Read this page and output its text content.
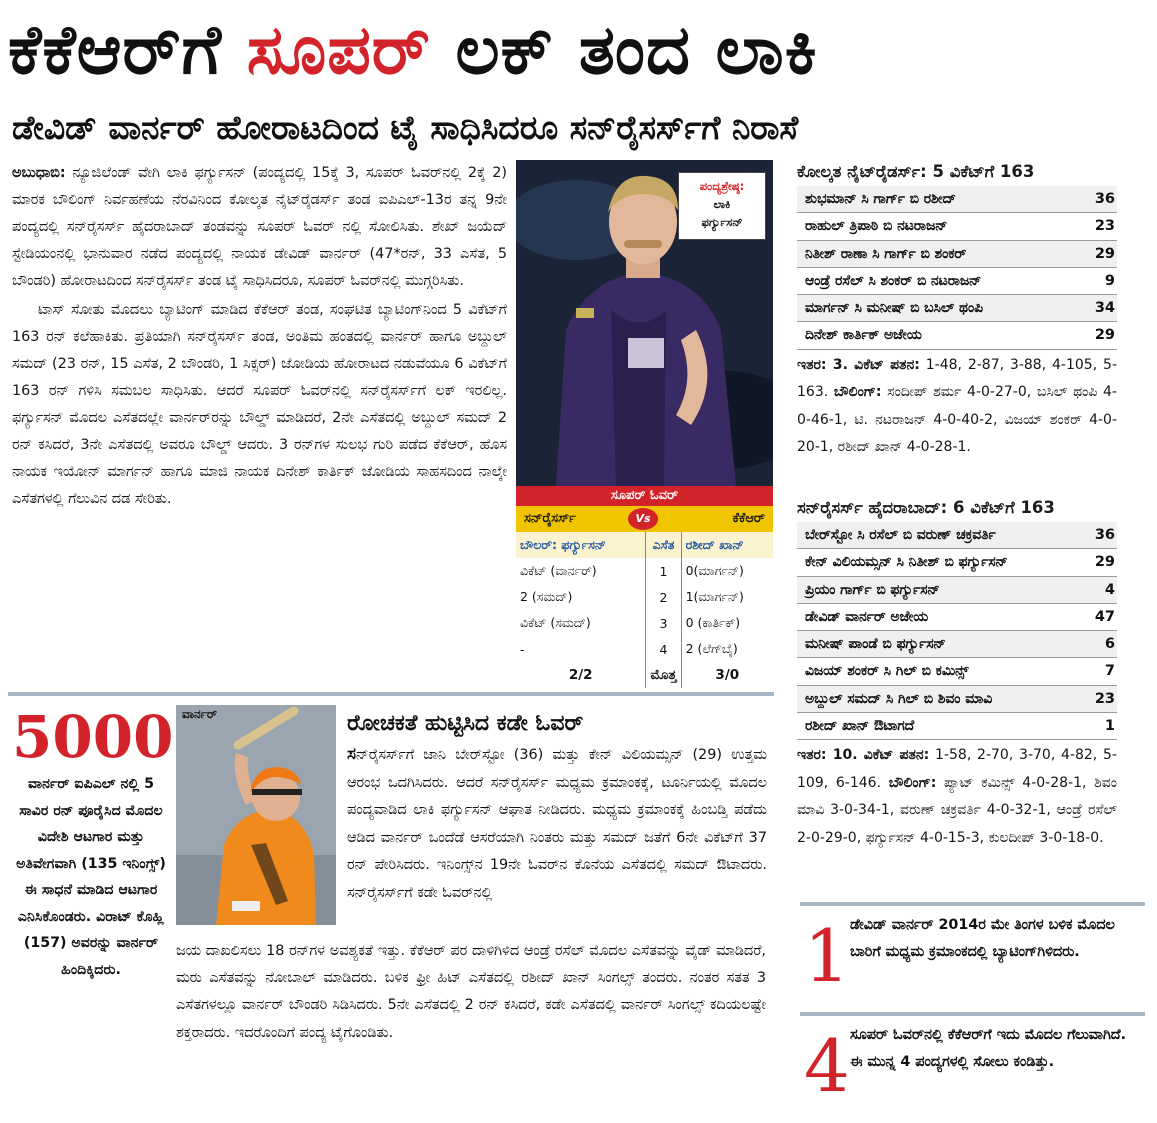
ಕೆಕೆಆರ್‌ಗೆ ಸೂಪರ್ ಲಕ್ ತಂದ ಲಾಕಿ
ಡೇವಿಡ್ ವಾರ್ನರ್ ಹೋರಾಟದಿಂದ ಟೈ ಸಾಧಿಸಿದರೂ ಸನ್‌ರೈಸರ್ಸ್‌ಗೆ ನಿರಾಸೆ

ಅಬುಧಾಬಿ: ನ್ಯೂಜಿಲೆಂಡ್ ವೇಗಿ ಲಾಕಿ ಫರ್ಗ್ಯುಸನ್ (ಪಂದ್ಯದಲ್ಲಿ 15ಕ್ಕೆ 3, ಸೂಪರ್ ಓವರ್‌ನಲ್ಲಿ 2ಕ್ಕೆ 2) ಮಾರಕ ಬೌಲಿಂಗ್ ನಿರ್ವಹಣೆಯ ನೆರವಿನಿಂದ ಕೋಲ್ಕತ ನೈಟ್‌ರೈಡರ್ಸ್ ತಂಡ ಐಪಿಎಲ್-13ರ ತನ್ನ 9ನೇ ಪಂದ್ಯದಲ್ಲಿ ಸನ್‌ರೈಸರ್ಸ್ ಹೈದರಾಬಾದ್ ತಂಡವನ್ನು ಸೂಪರ್ ಓವರ್ ನಲ್ಲಿ ಸೋಲಿಸಿತು. ಶೇಖ್ ಜಯೆದ್ ಸ್ಟೇಡಿಯಂನಲ್ಲಿ ಭಾನುವಾರ ನಡೆದ ಪಂದ್ಯದಲ್ಲಿ ನಾಯಕ ಡೇವಿಡ್ ವಾರ್ನರ್ (47*ರನ್, 33 ಎಸೆತ, 5 ಬೌಂಡರಿ) ಹೋರಾಟದಿಂದ ಸನ್‌ರೈಸರ್ಸ್ ತಂಡ ಟೈ ಸಾಧಿಸಿದರೂ, ಸೂಪರ್ ಓವರ್‌ನಲ್ಲಿ ಮುಗ್ಗರಿಸಿತು.

ಟಾಸ್ ಸೋತು ಮೊದಲು ಬ್ಯಾಟಿಂಗ್ ಮಾಡಿದ ಕೆಕೆಆರ್ ತಂಡ, ಸಂಘಟಿತ ಬ್ಯಾಟಿಂಗ್‌ನಿಂದ 5 ವಿಕೆಟ್‌ಗೆ 163 ರನ್ ಕಲೆಹಾಕಿತು. ಪ್ರತಿಯಾಗಿ ಸನ್‌ರೈಸರ್ಸ್ ತಂಡ, ಅಂತಿಮ ಹಂತದಲ್ಲಿ ವಾರ್ನರ್ ಹಾಗೂ ಅಬ್ದುಲ್ ಸಮದ್ (23 ರನ್, 15 ಎಸೆತ, 2 ಬೌಂಡರಿ, 1 ಸಿಕ್ಸರ್) ಜೋಡಿಯ ಹೋರಾಟದ ನಡುವೆಯೂ 6 ವಿಕೆಟ್‌ಗೆ 163 ರನ್ ಗಳಿಸಿ ಸಮಬಲ ಸಾಧಿಸಿತು. ಆದರೆ ಸೂಪರ್ ಓವರ್‌ನಲ್ಲಿ ಸನ್‌ರೈಸರ್ಸ್‌ಗೆ ಲಕ್ ಇರಲಿಲ್ಲ. ಫರ್ಗ್ಯುಸನ್ ಮೊದಲ ಎಸೆತದಲ್ಲೇ ವಾರ್ನರ್‌ರನ್ನು ಬೌಲ್ಡ್ ಮಾಡಿದರೆ, 2ನೇ ಎಸೆತದಲ್ಲಿ ಅಬ್ದುಲ್ ಸಮದ್ 2 ರನ್ ಕಸಿದರೆ, 3ನೇ ಎಸೆತದಲ್ಲಿ ಅವರೂ ಬೌಲ್ಡ್ ಆದರು. 3 ರನ್‌ಗಳ ಸುಲಭ ಗುರಿ ಪಡೆದ ಕೆಕೆಆರ್, ಹೊಸ ನಾಯಕ ಇಯೋನ್ ಮಾರ್ಗನ್ ಹಾಗೂ ಮಾಜಿ ನಾಯಕ ದಿನೇಶ್ ಕಾರ್ತಿಕ್ ಜೋಡಿಯ ಸಾಹಸದಿಂದ ನಾಲ್ಕೇ ಎಸೆತಗಳಲ್ಲಿ ಗೆಲುವಿನ ದಡ ಸೇರಿತು.

ಪಂದ್ಯಶ್ರೇಷ್ಠ:
ಲಾಕಿ
ಫರ್ಗ್ಯುಸನ್
ಸೂಪರ್ ಓವರ್
ಸನ್‌ರೈಸರ್ಸ್	Vs	ಕೆಕೆಆರ್
ಬೌಲರ್: ಫರ್ಗ್ಯುಸನ್	ಎಸೆತ	ರಶೀದ್ ಖಾನ್
ವಿಕೆಟ್ (ವಾರ್ನರ್)	1	0(ಮಾರ್ಗನ್)
2 (ಸಮದ್)	2	1(ಮಾರ್ಗನ್)
ವಿಕೆಟ್ (ಸಮದ್)	3	0 (ಕಾರ್ತಿಕ್)
-	4	2 (ಲೆಗ್‌ಬೈ)
2/2	ಮೊತ್ತ	3/0
ಕೋಲ್ಕತ ನೈಟ್‌ರೈಡರ್ಸ್: 5 ವಿಕೆಟ್‌ಗೆ 163
ಶುಭಮಾನ್ ಸಿ ಗಾರ್ಗ್ ಬಿ ರಶೀದ್	36
ರಾಹುಲ್ ತ್ರಿಪಾಠಿ ಬಿ ನಟರಾಜನ್	23
ನಿತೀಶ್ ರಾಣಾ ಸಿ ಗಾರ್ಗ್ ಬಿ ಶಂಕರ್	29
ಆಂಡ್ರೆ ರಸೆಲ್ ಸಿ ಶಂಕರ್ ಬಿ ನಟರಾಜನ್	9
ಮಾರ್ಗನ್ ಸಿ ಮನೀಷ್ ಬಿ ಬಸಿಲ್ ಥಂಪಿ	34
ದಿನೇಶ್ ಕಾರ್ತಿಕ್ ಅಜೇಯ	29
ಇತರ: 3. ವಿಕೆಟ್ ಪತನ: 1-48, 2-87, 3-88, 4-105, 5-163. ಬೌಲಿಂಗ್: ಸಂದೀಪ್ ಶರ್ಮ 4-0-27-0, ಬಸಿಲ್ ಥಂಪಿ 4-0-46-1, ಟಿ. ನಟರಾಜನ್ 4-0-40-2, ವಿಜಯ್ ಶಂಕರ್ 4-0-20-1, ರಶೀದ್ ಖಾನ್ 4-0-28-1.
ಸನ್‌ರೈಸರ್ಸ್ ಹೈದರಾಬಾದ್: 6 ವಿಕೆಟ್‌ಗೆ 163
ಬೇರ್‌ಸ್ಟೋ ಸಿ ರಸೆಲ್ ಬಿ ವರುಣ್ ಚಕ್ರವರ್ತಿ	36
ಕೇನ್ ವಿಲಿಯಮ್ಸನ್ ಸಿ ನಿತೀಶ್ ಬಿ ಫರ್ಗ್ಯುಸನ್	29
ಪ್ರಿಯಂ ಗಾರ್ಗ್ ಬಿ ಫರ್ಗ್ಯುಸನ್	4
ಡೇವಿಡ್ ವಾರ್ನರ್ ಅಜೇಯ	47
ಮನೀಷ್ ಪಾಂಡೆ ಬಿ ಫರ್ಗ್ಯುಸನ್	6
ವಿಜಯ್ ಶಂಕರ್ ಸಿ ಗಿಲ್ ಬಿ ಕಮಿನ್ಸ್	7
ಅಬ್ದುಲ್ ಸಮದ್ ಸಿ ಗಿಲ್ ಬಿ ಶಿವಂ ಮಾವಿ	23
ರಶೀದ್ ಖಾನ್ ಔಟಾಗದೆ	1
ಇತರ: 10. ವಿಕೆಟ್ ಪತನ: 1-58, 2-70, 3-70, 4-82, 5-109, 6-146. ಬೌಲಿಂಗ್: ಪ್ಯಾಟ್ ಕಮಿನ್ಸ್ 4-0-28-1, ಶಿವಂ ಮಾವಿ 3-0-34-1, ವರುಣ್ ಚಕ್ರವರ್ತಿ 4-0-32-1, ಆಂಡ್ರೆ ರಸೆಲ್ 2-0-29-0, ಫರ್ಗ್ಯುಸನ್ 4-0-15-3, ಕುಲದೀಪ್ 3-0-18-0.
5000
ವಾರ್ನರ್ ಐಪಿಎಲ್ ನಲ್ಲಿ 5 ಸಾವಿರ ರನ್ ಪೂರೈಸಿದ ಮೊದಲ ವಿದೇಶಿ ಆಟಗಾರ ಮತ್ತು ಅತಿವೇಗವಾಗಿ (135 ಇನಿಂಗ್ಸ್) ಈ ಸಾಧನೆ ಮಾಡಿದ ಆಟಗಾರ ಎನಿಸಿಕೊಂಡರು. ವಿರಾಟ್ ಕೊಹ್ಲಿ (157) ಅವರನ್ನು ವಾರ್ನರ್ ಹಿಂದಿಕ್ಕಿದರು.
ವಾರ್ನರ್	ರೋಚಕತೆ ಹುಟ್ಟಿಸಿದ ಕಡೇ ಓವರ್
ಸನ್‌ರೈಸರ್ಸ್‌ಗೆ ಜಾನಿ ಬೇರ್‌ಸ್ಟೋ (36) ಮತ್ತು ಕೇನ್ ವಿಲಿಯಮ್ಸನ್ (29) ಉತ್ತಮ ಆರಂಭ ಒದಗಿಸಿದರು. ಆದರೆ ಸನ್‌ರೈಸರ್ಸ್ ಮಧ್ಯಮ ಕ್ರಮಾಂಕಕ್ಕೆ, ಟೂರ್ನಿಯಲ್ಲಿ ಮೊದಲ ಪಂದ್ಯವಾಡಿದ ಲಾಕಿ ಫರ್ಗ್ಯುಸನ್ ಆಘಾತ ನೀಡಿದರು. ಮಧ್ಯಮ ಕ್ರಮಾಂಕಕ್ಕೆ ಹಿಂಬಡ್ತಿ ಪಡೆದು ಆಡಿದ ವಾರ್ನರ್ ಒಂದೆಡೆ ಆಸರೆಯಾಗಿ ನಿಂತರು ಮತ್ತು ಸಮದ್ ಜತೆಗೆ 6ನೇ ವಿಕೆಟ್‌ಗೆ 37 ರನ್ ಪೇರಿಸಿದರು. ಇನಿಂಗ್ಸ್‌ನ 19ನೇ ಓವರ್‌ನ ಕೊನೆಯ ಎಸೆತದಲ್ಲಿ ಸಮದ್ ಔಟಾದರು. ಸನ್‌ರೈಸರ್ಸ್‌ಗೆ ಕಡೇ ಓವರ್‌ನಲ್ಲಿ
ಜಯ ದಾಖಲಿಸಲು 18 ರನ್‌ಗಳ ಅವಶ್ಯಕತೆ ಇತ್ತು. ಕೆಕೆಆರ್ ಪರ ದಾಳಿಗಿಳಿದ ಆಂಡ್ರೆ ರಸೆಲ್ ಮೊದಲ ಎಸೆತವನ್ನು ವೈಡ್ ಮಾಡಿದರೆ, ಮರು ಎಸೆತವನ್ನು ನೋಬಾಲ್ ಮಾಡಿದರು. ಬಳಿಕ ಫ್ರೀ ಹಿಟ್ ಎಸೆತದಲ್ಲಿ ರಶೀದ್ ಖಾನ್ ಸಿಂಗಲ್ಸ್ ತಂದರು. ನಂತರ ಸತತ 3 ಎಸೆತಗಳಲ್ಲೂ ವಾರ್ನರ್ ಬೌಂಡರಿ ಸಿಡಿಸಿದರು. 5ನೇ ಎಸೆತದಲ್ಲಿ 2 ರನ್ ಕಸಿದರೆ, ಕಡೇ ಎಸೆತದಲ್ಲಿ ವಾರ್ನರ್ ಸಿಂಗಲ್ಸ್ ಕದಿಯಲಷ್ಟೇ ಶಕ್ತರಾದರು. ಇದರೊಂದಿಗೆ ಪಂದ್ಯ ಟೈಗೊಂಡಿತು.
1 ಡೇವಿಡ್ ವಾರ್ನರ್ 2014ರ ಮೇ ತಿಂಗಳ ಬಳಿಕ ಮೊದಲ ಬಾರಿಗೆ ಮಧ್ಯಮ ಕ್ರಮಾಂಕದಲ್ಲಿ ಬ್ಯಾಟಿಂಗ್‌ಗಿಳಿದರು.
4 ಸೂಪರ್ ಓವರ್‌ನಲ್ಲಿ ಕೆಕೆಆರ್‌ಗೆ ಇದು ಮೊದಲ ಗೆಲುವಾಗಿದೆ. ಈ ಮುನ್ನ 4 ಪಂದ್ಯಗಳಲ್ಲಿ ಸೋಲು ಕಂಡಿತ್ತು.
